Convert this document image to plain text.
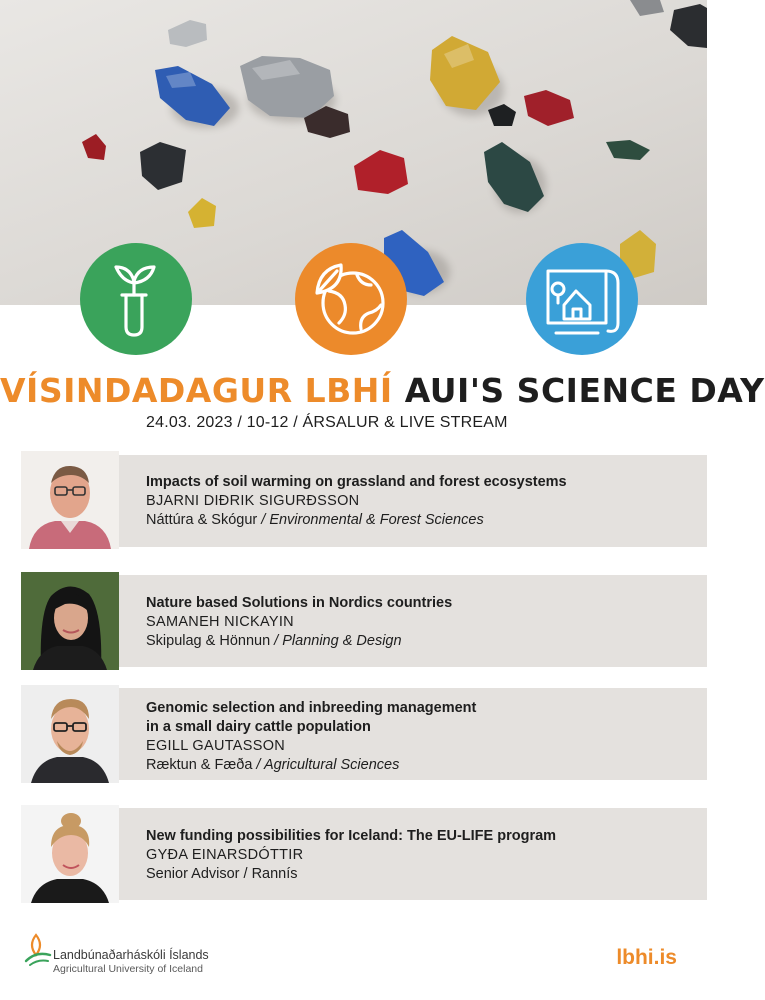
VÍSINDADAGUR LBHÍ AUI'S SCIENCE DAY
24.03. 2023 / 10-12 / ÁRSALUR & LIVE STREAM
Impacts of soil warming on grassland and forest ecosystems
BJARNI DIÐRIK SIGURÐSSON
Náttúra & Skógur / Environmental & Forest Sciences
Nature based Solutions in Nordics countries
SAMANEH NICKAYIN
Skipulag & Hönnun / Planning & Design
Genomic selection and inbreeding management
in a small dairy cattle population
EGILL GAUTASSON
Ræktun & Fæða / Agricultural Sciences
New funding possibilities for Iceland: The EU-LIFE program
GYÐA EINARSDÓTTIR
Senior Advisor / Rannís
Landbúnaðarháskóli Íslands
Agricultural University of Iceland	lbhi.is
